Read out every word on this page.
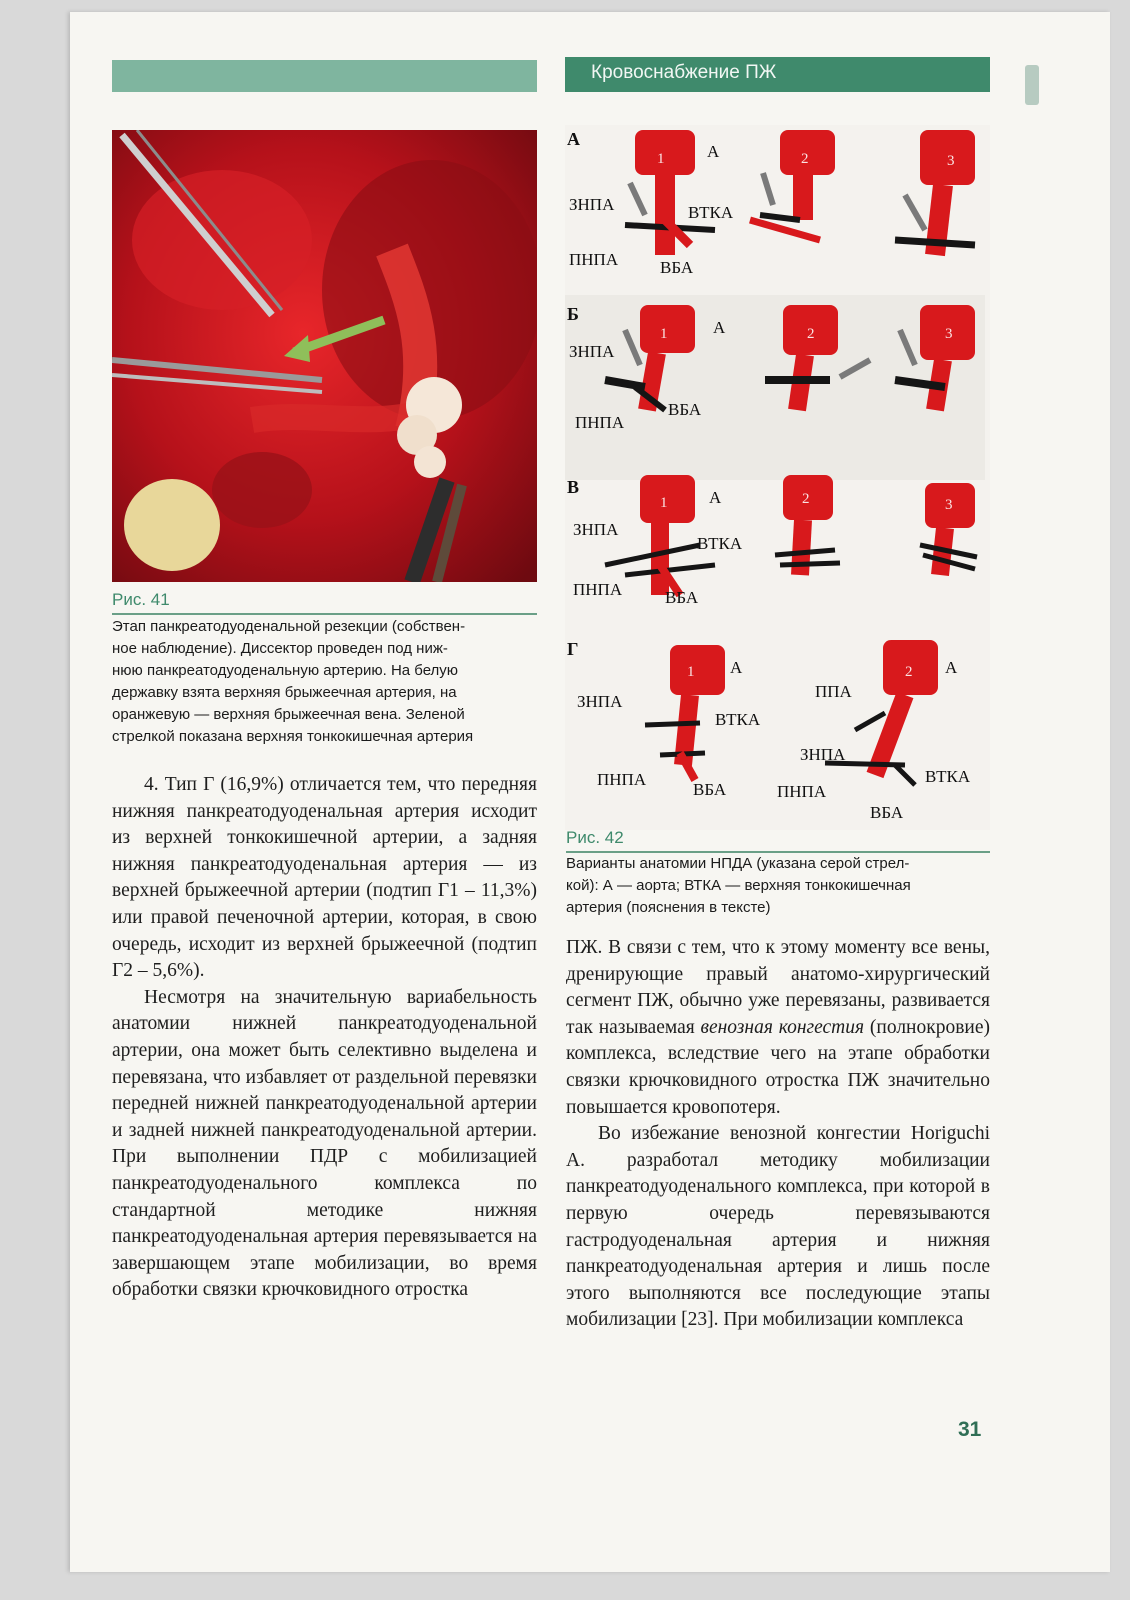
Кровоснабжение ПЖ
Рис. 41
Этап панкреатодуоденальной резекции (собствен-
ное наблюдение). Диссектор проведен под ниж-
нюю панкреатодуоденальную артерию. На белую
державку взята верхняя брыжеечная артерия, на
оранжевую — верхняя брыжеечная вена. Зеленой
стрелкой показана верхняя тонкокишечная артерия

4. Тип Г (16,9%) отличается тем, что передняя нижняя панкреатодуоденальная артерия исходит из верхней тонкокишечной артерии, а задняя нижняя панкреатодуоденальная артерия — из верхней брыжеечной артерии (подтип Г1 – 11,3%) или правой печеночной артерии, которая, в свою очередь, исходит из верхней брыжеечной (подтип Г2 – 5,6%).

Несмотря на значительную вариабельность анатомии нижней панкреатодуоденальной артерии, она может быть селективно выделена и перевязана, что избавляет от раздельной перевязки передней нижней панкреатодуоденальной артерии и задней нижней панкреатодуоденальной артерии. При выполнении ПДР с мобилизацией панкреатодуоденального комплекса по стандартной методике нижняя панкреатодуоденальная артерия перевязывается на завершающем этапе мобилизации, во время обработки связки крючковидного отростка

А
1	2	3
А
ЗНПА	ВТКА
ПНПА ВБА
Б
1	2	3
А
ЗНПА
ВБА
ПНПА
В
1	2	3
А
ЗНПА
ВТКА
ПНПА	ВБА
Г
1	2
А
ЗНПА
ВТКА
ПНПА
ВБА
А
ППА
ЗНПА
ВТКА
ПНПА
ВБА
Рис. 42
Варианты анатомии НПДА (указана серой стрел-
кой): А — аорта; ВТКА — верхняя тонкокишечная
артерия (пояснения в тексте)

ПЖ. В связи с тем, что к этому моменту все вены, дренирующие правый анатомо-хирургический сегмент ПЖ, обычно уже перевязаны, развивается так называемая венозная конгестия (полнокровие) комплекса, вследствие чего на этапе обработки связки крючковидного отростка ПЖ значительно повышается кровопотеря.

Во избежание венозной конгестии Horiguchi A. разработал методику мобилизации панкреатодуоденального комплекса, при которой в первую очередь перевязываются гастродуоденальная артерия и нижняя панкреатодуоденальная артерия и лишь после этого выполняются все последующие этапы мобилизации [23]. При мобилизации комплекса

31
